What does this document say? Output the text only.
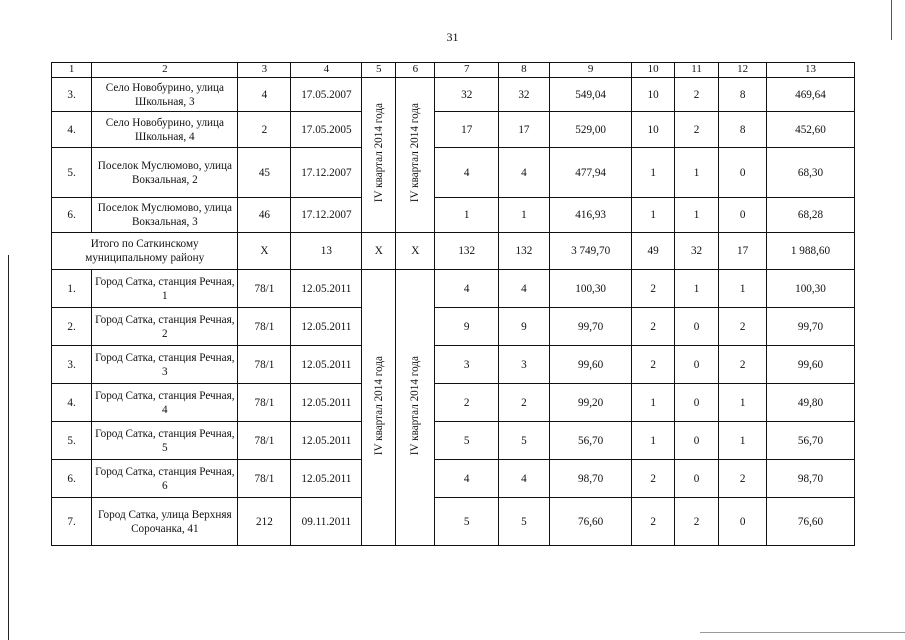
31
1	2	3	4	5	6	7	8	9	10	11	12	13
3.	Село Новобурино, улица Школьная, 3	4	17.05.2007	IV квартал 2014 года	IV квартал 2014 года	32	32	549,04	10	2	8	469,64
4.	Село Новобурино, улица Школьная, 4	2	17.05.2005			17	17	529,00	10	2	8	452,60
5.	Поселок Муслюмово, улица Вокзальная, 2	45	17.12.2007			4	4	477,94	1	1	0	68,30
6.	Поселок Муслюмово, улица Вокзальная, 3	46	17.12.2007			1	1	416,93	1	1	0	68,28
Итого по Саткинскому муниципальному району		X	13	X	X	132	132	3 749,70	49	32	17	1 988,60
1.	Город Сатка, станция Речная, 1	78/1	12.05.2011	IV квартал 2014 года	IV квартал 2014 года	4	4	100,30	2	1	1	100,30
2.	Город Сатка, станция Речная, 2	78/1	12.05.2011			9	9	99,70	2	0	2	99,70
3.	Город Сатка, станция Речная, 3	78/1	12.05.2011			3	3	99,60	2	0	2	99,60
4.	Город Сатка, станция Речная, 4	78/1	12.05.2011			2	2	99,20	1	0	1	49,80
5.	Город Сатка, станция Речная, 5	78/1	12.05.2011			5	5	56,70	1	0	1	56,70
6.	Город Сатка, станция Речная, 6	78/1	12.05.2011			4	4	98,70	2	0	2	98,70
7.	Город Сатка, улица Верхняя Сорочанка, 41	212	09.11.2011			5	5	76,60	2	2	0	76,60
